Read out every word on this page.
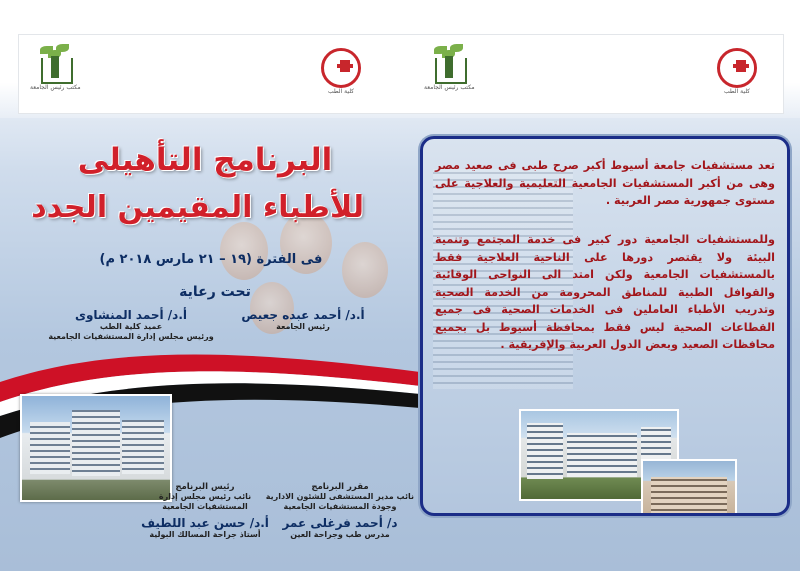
مكتب رئيس الجامعة
كلية الطب
مكتب رئيس الجامعة
كلية الطب
البرنامج التأهيلى
للأطباء المقيمين الجدد
فى الفترة (١٩ – ٢١ مارس ٢٠١٨ م)
تحت رعاية
أ.د/ أحمد عبده جعيص
رئيس الجامعة
أ.د/ أحمد المنشاوى
عميد كلية الطب
ورئيس مجلس إدارة المستشفيات الجامعية
رئيس البرنامج
نائب رئيس مجلس إدارة
المستشفيات الجامعية
أ.د/ حسن عبد اللطيف
أستاذ جراحة المسالك البولية
مقرر البرنامج
نائب مدير المستشفى للشئون الادارية
وجودة المستشفيات الجامعية
د/ أحمد فرغلى عمر
مدرس طب وجراحة العين
تعد مستشفيات جامعة أسيوط أكبر صرح طبى فى صعيد مصر وهى من أكبر المستشفيات الجامعية التعليمية والعلاجية على مستوى جمهورية مصر العربية .
وللمستشفيات الجامعية دور كبير فى خدمة المجتمع وتنمية البيئة ولا يقتصر دورها على الناحية العلاجية فقط بالمستشفيات الجامعية ولكن امتد الى النواحى الوقائية والقوافل الطبية للمناطق المحرومة من الخدمة الصحية وتدريب الأطباء العاملين فى الخدمات الصحية فى جميع القطاعات الصحية ليس فقط بمحافظة أسيوط بل بجميع محافظات الصعيد وبعض الدول العربية والإفريقية .
